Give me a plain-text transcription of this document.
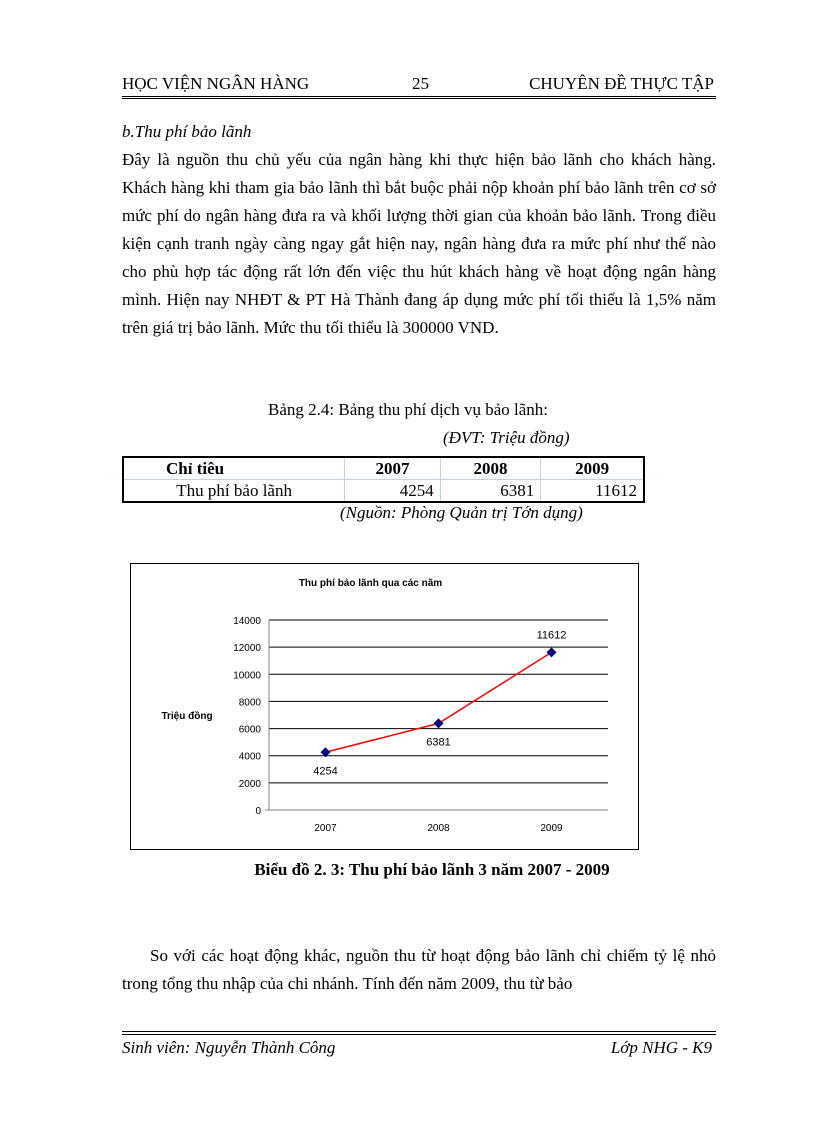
HỌC VIỆN NGÂN HÀNG	25	CHUYÊN ĐỀ THỰC TẬP
b.Thu phí bảo lãnh
Đây là nguồn thu chủ yếu của ngân hàng khi thực hiện bảo lãnh cho khách hàng. Khách hàng khi tham gia bảo lãnh thì bắt buộc phải nộp khoản phí bảo lãnh trên cơ sở mức phí do ngân hàng đưa ra và khối lượng thời gian của khoản bảo lãnh. Trong điều kiện cạnh tranh ngày càng ngay gắt hiện nay, ngân hàng đưa ra mức phí như thế nào cho phù hợp tác động rất lớn đến việc thu hút khách hàng về hoạt động ngân hàng mình. Hiện nay NHĐT & PT Hà Thành đang áp dụng mức phí tối thiểu là 1,5% năm trên giá trị bảo lãnh. Mức thu tối thiểu là 300000 VND.
Bảng 2.4: Bảng thu phí dịch vụ bảo lãnh:
(ĐVT: Triệu đồng)
Chỉ tiêu	2007	2008	2009
Thu phí bảo lãnh	4254	6381	11612
(Nguồn: Phòng Quản trị Tớn dụng)
Thu phí bảo lãnh qua các năm
0
2000
4000
6000
8000
10000
12000
14000
Triệu đồng
2007	2008	2009
4254
6381
11612
Biểu đồ 2. 3: Thu phí bảo lãnh 3 năm 2007 - 2009
So với các hoạt động khác, nguồn thu từ hoạt động bảo lãnh chỉ chiếm tỷ lệ nhỏ trong tổng thu nhập của chi nhánh. Tính đến năm 2009, thu từ bảo
Sinh viên: Nguyễn Thành Công	Lớp NHG - K9
